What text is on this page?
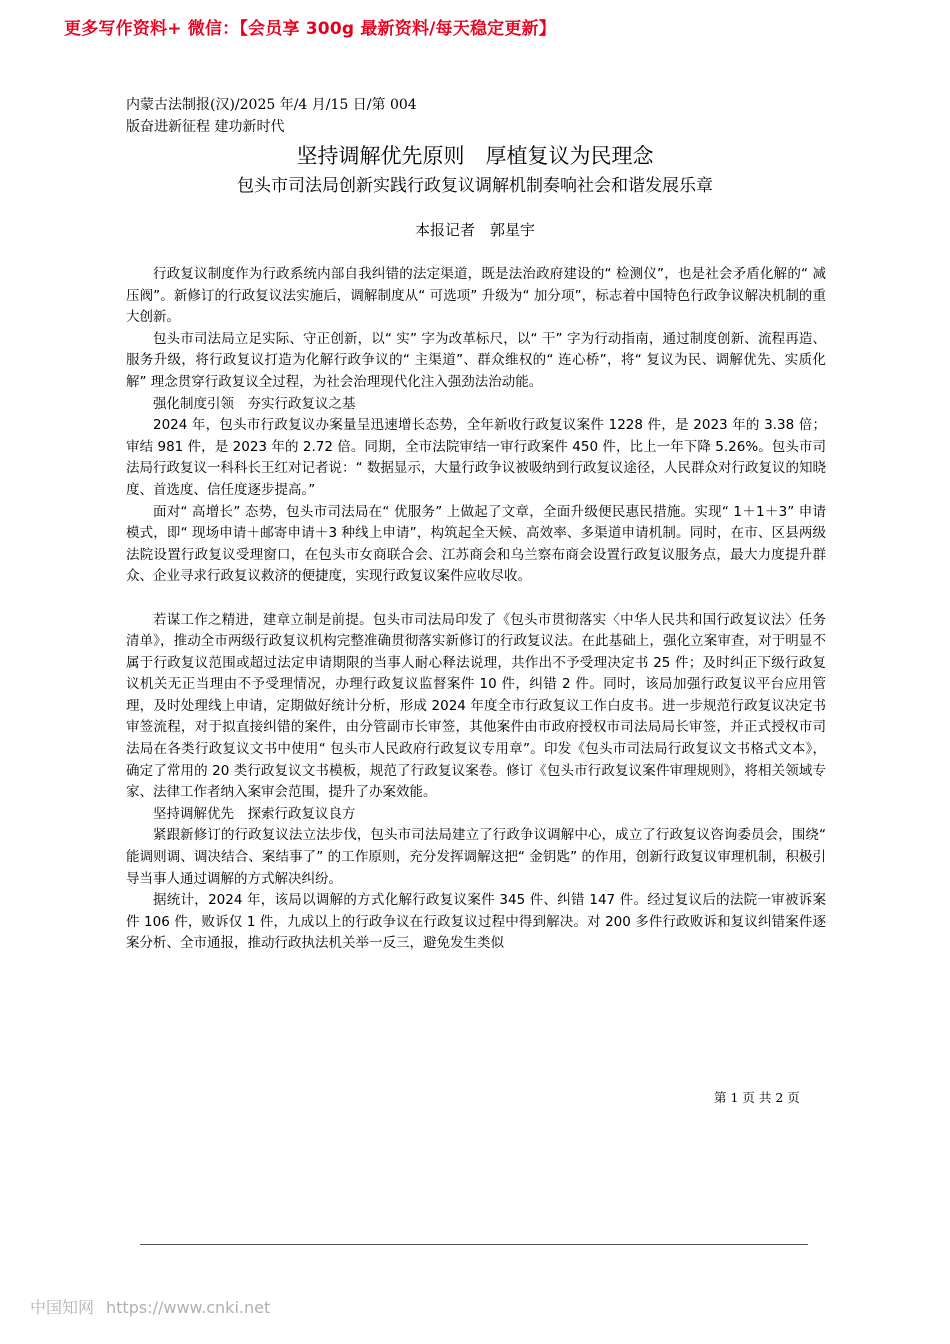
更多写作资料+ 微信：【会员享 300g 最新资料/每天稳定更新】
内蒙古法制报(汉)/2025 年/4 月/15 日/第 004
版奋进新征程 建功新时代
坚持调解优先原则　厚植复议为民理念
包头市司法局创新实践行政复议调解机制奏响社会和谐发展乐章
本报记者　郭星宇

行政复议制度作为行政系统内部自我纠错的法定渠道，既是法治政府建设的“ 检测仪”，也是社会矛盾化解的“ 减压阀”。新修订的行政复议法实施后，调解制度从“ 可选项” 升级为“ 加分项”，标志着中国特色行政争议解决机制的重大创新。

包头市司法局立足实际、守正创新，以“ 实” 字为改革标尺，以“ 干” 字为行动指南，通过制度创新、流程再造、服务升级，将行政复议打造为化解行政争议的“ 主渠道”、群众维权的“ 连心桥”，将“ 复议为民、调解优先、实质化解” 理念贯穿行政复议全过程，为社会治理现代化注入强劲法治动能。

强化制度引领　夯实行政复议之基

2024 年，包头市行政复议办案量呈迅速增长态势，全年新收行政复议案件 1228 件，是 2023 年的 3.38 倍；审结 981 件，是 2023 年的 2.72 倍。同期，全市法院审结一审行政案件 450 件，比上一年下降 5.26%。包头市司法局行政复议一科科长王红对记者说：“ 数据显示，大量行政争议被吸纳到行政复议途径，人民群众对行政复议的知晓度、首选度、信任度逐步提高。”

面对“ 高增长” 态势，包头市司法局在“ 优服务” 上做起了文章，全面升级便民惠民措施。实现“ 1＋1＋3” 申请模式，即“ 现场申请＋邮寄申请＋3 种线上申请”，构筑起全天候、高效率、多渠道申请机制。同时，在市、区县两级法院设置行政复议受理窗口，在包头市女商联合会、江苏商会和乌兰察布商会设置行政复议服务点，最大力度提升群众、企业寻求行政复议救济的便捷度，实现行政复议案件应收尽收。

若谋工作之精进，建章立制是前提。包头市司法局印发了《包头市贯彻落实〈中华人民共和国行政复议法〉任务清单》，推动全市两级行政复议机构完整准确贯彻落实新修订的行政复议法。在此基础上，强化立案审查，对于明显不属于行政复议范围或超过法定申请期限的当事人耐心释法说理，共作出不予受理决定书 25 件；及时纠正下级行政复议机关无正当理由不予受理情况，办理行政复议监督案件 10 件，纠错 2 件。同时，该局加强行政复议平台应用管理，及时处理线上申请，定期做好统计分析，形成 2024 年度全市行政复议工作白皮书。进一步规范行政复议决定书审签流程，对于拟直接纠错的案件，由分管副市长审签，其他案件由市政府授权市司法局局长审签，并正式授权市司法局在各类行政复议文书中使用“ 包头市人民政府行政复议专用章”。印发《包头市司法局行政复议文书格式文本》，确定了常用的 20 类行政复议文书模板，规范了行政复议案卷。修订《包头市行政复议案件审理规则》，将相关领域专家、法律工作者纳入案审会范围，提升了办案效能。

坚持调解优先　探索行政复议良方

紧跟新修订的行政复议法立法步伐，包头市司法局建立了行政争议调解中心，成立了行政复议咨询委员会，围绕“ 能调则调、调决结合、案结事了” 的工作原则，充分发挥调解这把“ 金钥匙” 的作用，创新行政复议审理机制，积极引导当事人通过调解的方式解决纠纷。

据统计，2024 年，该局以调解的方式化解行政复议案件 345 件、纠错 147 件。经过复议后的法院一审被诉案件 106 件，败诉仅 1 件，九成以上的行政争议在行政复议过程中得到解决。对 200 多件行政败诉和复议纠错案件逐案分析、全市通报，推动行政执法机关举一反三，避免发生类似

第 1 页 共 2 页
中国知网 https://www.cnki.net
